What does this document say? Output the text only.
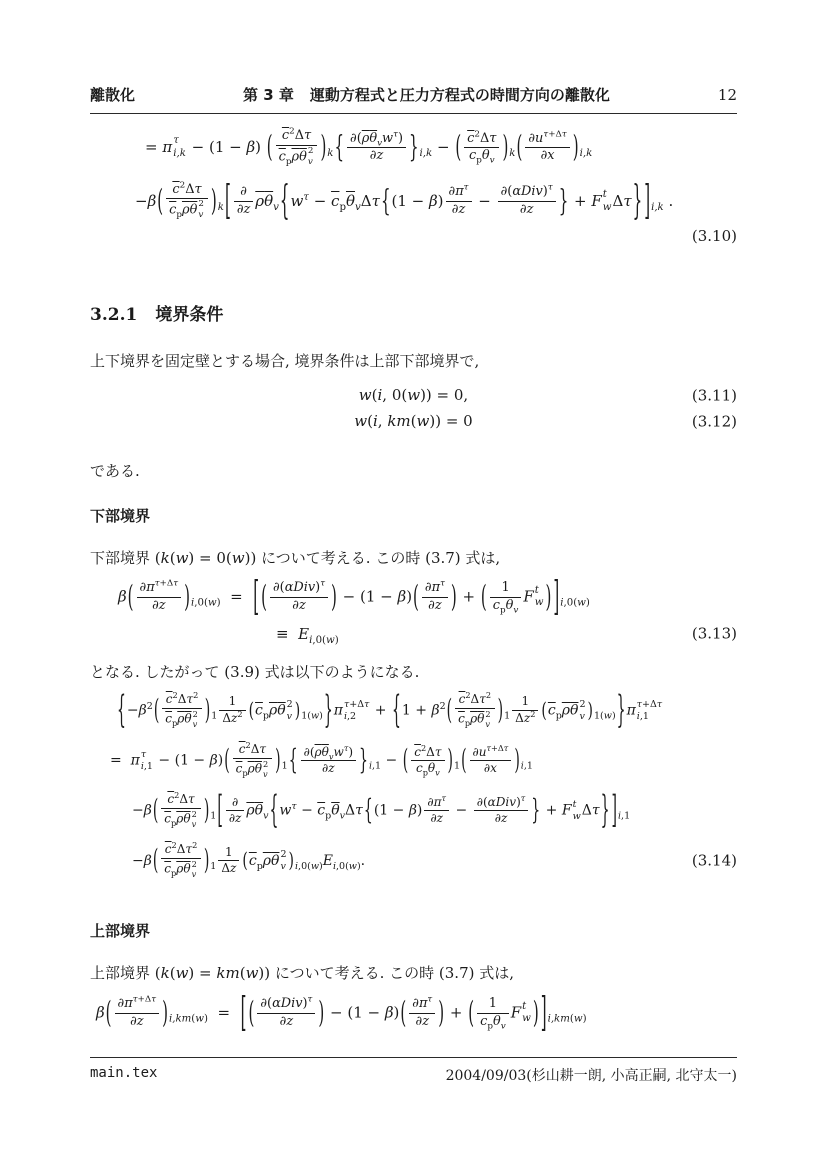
離散化	第 3 章 運動方程式と圧力方程式の時間方向の離散化	12
= π τ
i,k − (1 − β) ( $\overline{c}^2\Delta\tau$
$\overline{c}_p\overline{\rho}\overline{\theta}$ 2
v )$_k${ $\partial(\overline{\rho}\overline{\theta}_vw^\tau)$
∂z	}$_{i,k}$ − ( $\overline{c}^2\Delta\tau$
$\overline{c}_p\overline{\theta}_v$ )$_k( \frac{\partial u^{\tau+\Delta\tau}}{\partial x} )_{i,k}$
−β( $\overline{c}^2\Delta\tau$
$\overline{c}_p\overline{\rho}\overline{\theta}$ 2
v )$_k$[ ∂
∂z $\overline{\rho}\overline{\theta}_v\{w^\tau - \overline{c}_p\overline{\theta}_v\Delta\tau\{(1 - \beta) \frac{\partial\pi^\tau}{\partial z} - \partial(\alpha Div)^\tau$
∂z	} + F t
w Δτ} ]$_{i,k}$ .
(3.10)
3.2.1 境界条件
上下境界を固定壁とする場合, 境界条件は上部下部境界で,
w(i, 0(w)) = 0,	(3.11)
w(i, km(w)) = 0	(3.12)
である.
下部境界
下部境界 (k(w) = 0(w)) について考える. この時 (3.7) 式は,
$\beta( \frac{\partial\pi^{\tau+\Delta\tau}}{\partial z} )_{i,0(w)}$  =  [ ( $\partial(\alpha Div)^\tau$
∂z	) − $(1 - \beta)( \frac{\partial\pi^\tau}{\partial z}$ ) + (	1
$\overline{c}_p\overline{\theta}_v$
F t
w ) ]$_{i,0(w)}$
≡  $E_{i,0(w)}$	(3.13)
となる. したがって (3.9) 式は以下のようになる.
{$-\beta^2$( $\overline{c}^2\Delta\tau^2$
$\overline{c}_p\overline{\rho}\overline{\theta}$ 2
v )$_1 \frac{1}{\Delta z^2} (\overline{c}_p\overline{\rho}\overline{\theta}$ 2
v )$_{1(w)}\}\pi$ τ+Δτ
i,2	+ {$1 + \beta^2$( $\overline{c}^2\Delta\tau^2$
$\overline{c}_p\overline{\rho}\overline{\theta}$ 2
v )$_1 \frac{1}{\Delta z^2} (\overline{c}_p\overline{\rho}\overline{\theta}$ 2
v )$_{1(w)}\}\pi$ τ+Δτ
i,1
=  π τ
i,1 − (1 − β)( $\overline{c}^2\Delta\tau$
$\overline{c}_p\overline{\rho}\overline{\theta}$ 2
v )$_1${ $\partial(\overline{\rho}\overline{\theta}_vw^\tau)$
∂z	}$_{i,1}$ − ( $\overline{c}^2\Delta\tau$
$\overline{c}_p\overline{\theta}_v$ )$_1( \frac{\partial u^{\tau+\Delta\tau}}{\partial x} )_{i,1}$
−β( $\overline{c}^2\Delta\tau$
$\overline{c}_p\overline{\rho}\overline{\theta}$ 2
v )$_1$[ ∂
∂z $\overline{\rho}\overline{\theta}_v\{w^\tau - \overline{c}_p\overline{\theta}_v\Delta\tau\{(1 - \beta) \frac{\partial\pi^\tau}{\partial z}$ −
$\partial(\alpha Div)^\tau$
∂z	} + F t
w Δτ} ]$_{i,1}$
−β( $\overline{c}^2\Delta\tau^2$
$\overline{c}_p\overline{\rho}\overline{\theta}$ 2
v )$_1 \frac{1}{\Delta z} (\overline{c}_p\overline{\rho}\overline{\theta}$ 2
v )$_{i,0(w)}E_{i,0(w)}$.	(3.14)
上部境界
上部境界 (k(w) = km(w)) について考える. この時 (3.7) 式は,
$\beta( \frac{\partial\pi^{\tau+\Delta\tau}}{\partial z} )_{i,km(w)}$  =  [ ( $\partial(\alpha Div)^\tau$
∂z	) − $(1 - \beta)( \frac{\partial\pi^\tau}{\partial z}$ ) + (	1
$\overline{c}_p\overline{\theta}_v$
F t
w ) ]$_{i,km(w)}$
main.tex	2004/09/03(杉山耕一朗, 小高正嗣, 北守太一)
